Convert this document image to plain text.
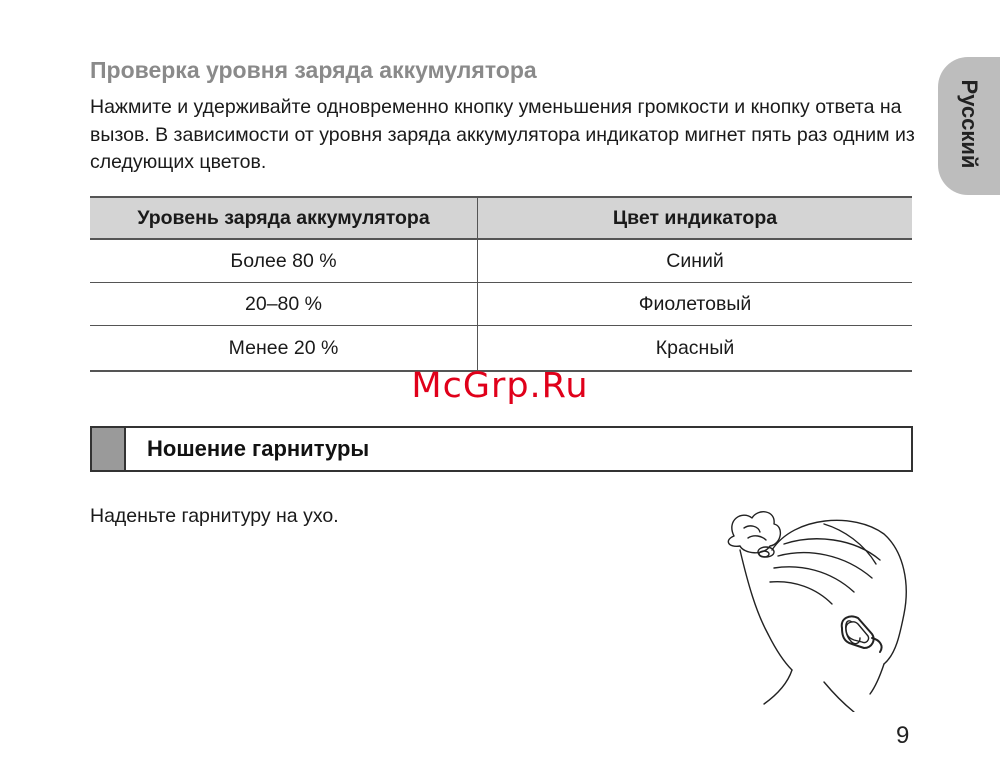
Проверка уровня заряда аккумулятора

Нажмите и удерживайте одновременно кнопку уменьшения громкости и кнопку ответа на вызов. В зависимости от уровня заряда аккумулятора индикатор мигнет пять раз одним из следующих цветов.	Русский
Уровень заряда аккумулятора	Цвет индикатора
Более 80 %	Синий
20–80 %	Фиолетовый
Менее 20 %	Красный

McGrp.Ru

Ношение гарнитуры

Наденьте гарнитуру на ухо.

9
